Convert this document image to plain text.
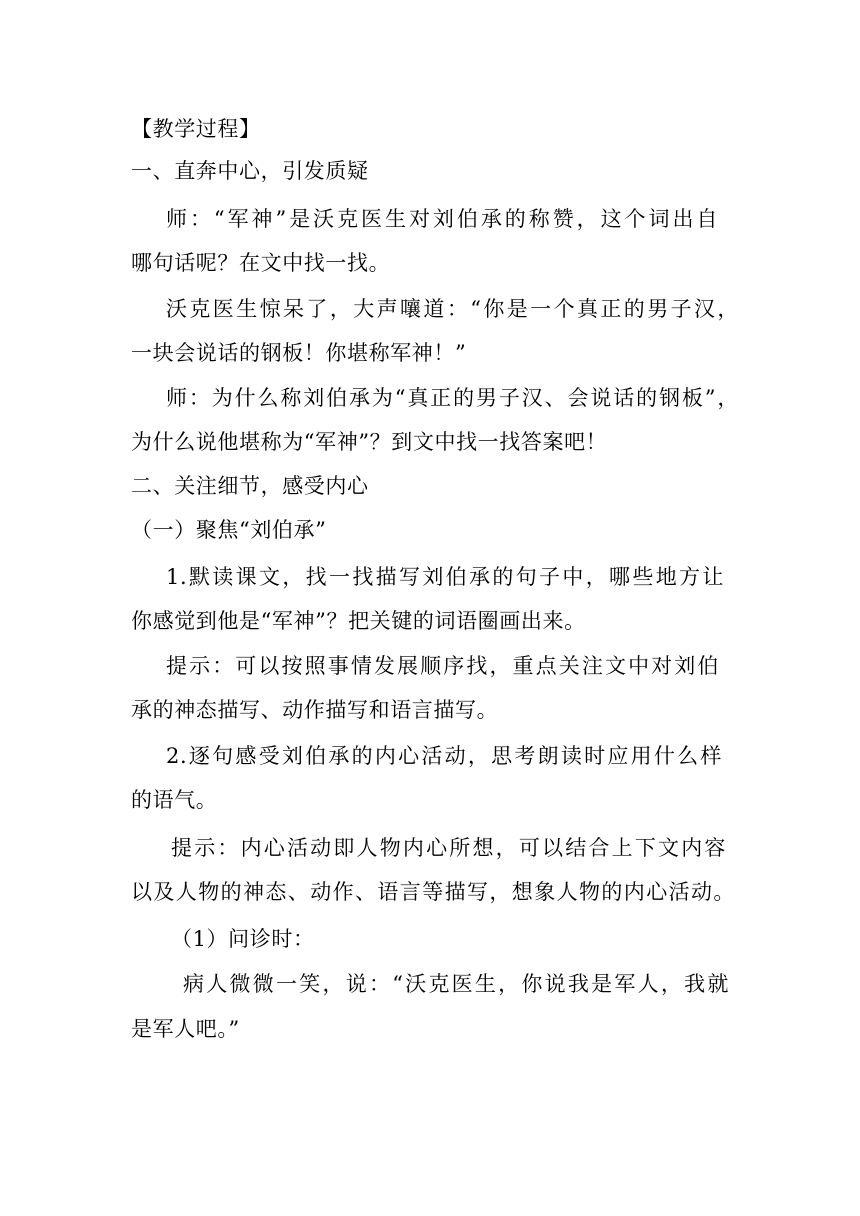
【教学过程】
一、直奔中心，引发质疑
师：“军神”是沃克医生对刘伯承的称赞，这个词出自
哪句话呢？在文中找一找。
沃克医生惊呆了，大声嚷道：“你是一个真正的男子汉，
一块会说话的钢板！你堪称军神！”
师：为什么称刘伯承为“真正的男子汉、会说话的钢板”，
为什么说他堪称为“军神”？到文中找一找答案吧！
二、关注细节，感受内心
（一）聚焦“刘伯承”
1.默读课文，找一找描写刘伯承的句子中，哪些地方让
你感觉到他是“军神”？把关键的词语圈画出来。
提示：可以按照事情发展顺序找，重点关注文中对刘伯
承的神态描写、动作描写和语言描写。
2.逐句感受刘伯承的内心活动，思考朗读时应用什么样
的语气。
提示：内心活动即人物内心所想，可以结合上下文内容
以及人物的神态、动作、语言等描写，想象人物的内心活动。
（1）问诊时：
病人微微一笑，说：“沃克医生，你说我是军人，我就
是军人吧。”
